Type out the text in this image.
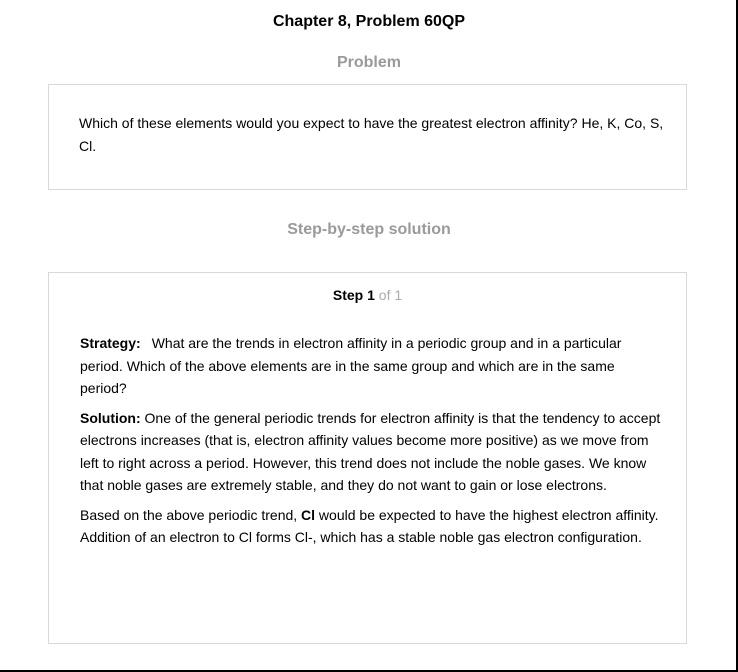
Chapter 8, Problem 60QP
Problem
Which of these elements would you expect to have the greatest electron affinity? He, K, Co, S, Cl.
Step-by-step solution
Step 1 of 1

Strategy: What are the trends in electron affinity in a periodic group and in a particular period. Which of the above elements are in the same group and which are in the same period?

Solution: One of the general periodic trends for electron affinity is that the tendency to accept electrons increases (that is, electron affinity values become more positive) as we move from left to right across a period. However, this trend does not include the noble gases. We know that noble gases are extremely stable, and they do not want to gain or lose electrons.

Based on the above periodic trend, Cl would be expected to have the highest electron affinity. Addition of an electron to Cl forms Cl-, which has a stable noble gas electron configuration.
